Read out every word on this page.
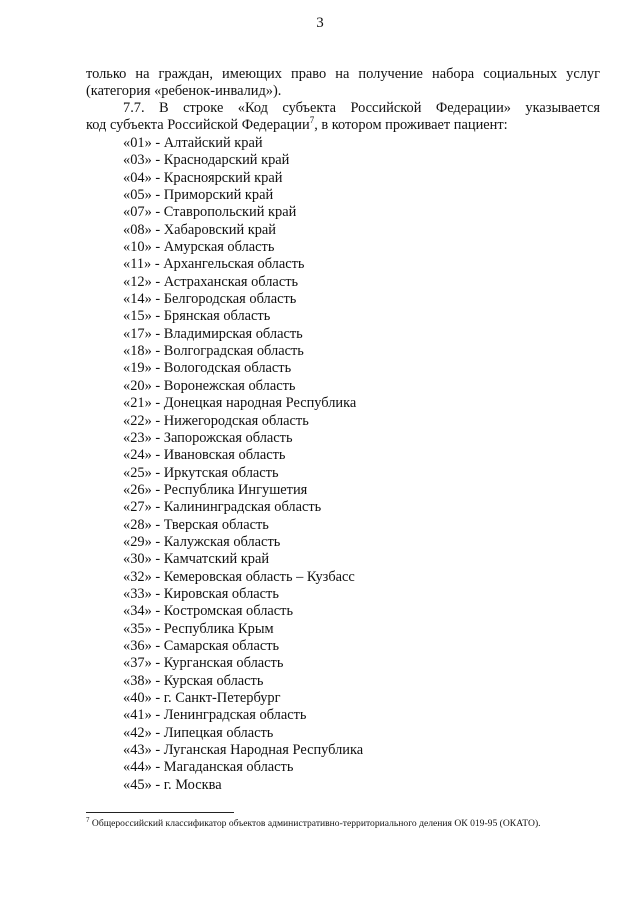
3
только на граждан, имеющих право на получение набора социальных услуг
(категория «ребенок-инвалид»).
7.7. В строке «Код субъекта Российской Федерации» указывается
код субъекта Российской Федерации$^7$, в котором проживает пациент:
«01» - Алтайский край
«03» - Краснодарский край
«04» - Красноярский край
«05» - Приморский край
«07» - Ставропольский край
«08» - Хабаровский край
«10» - Амурская область
«11» - Архангельская область
«12» - Астраханская область
«14» - Белгородская область
«15» - Брянская область
«17» - Владимирская область
«18» - Волгоградская область
«19» - Вологодская область
«20» - Воронежская область
«21» - Донецкая народная Республика
«22» - Нижегородская область
«23» - Запорожская область
«24» - Ивановская область
«25» - Иркутская область
«26» - Республика Ингушетия
«27» - Калининградская область
«28» - Тверская область
«29» - Калужская область
«30» - Камчатский край
«32» - Кемеровская область – Кузбасс
«33» - Кировская область
«34» - Костромская область
«35» - Республика Крым
«36» - Самарская область
«37» - Курганская область
«38» - Курская область
«40» - г. Санкт-Петербург
«41» - Ленинградская область
«42» - Липецкая область
«43» - Луганская Народная Республика
«44» - Магаданская область
«45» - г. Москва
$^7$ Общероссийский классификатор объектов административно-территориального деления ОК 019-95 (ОКАТО).
